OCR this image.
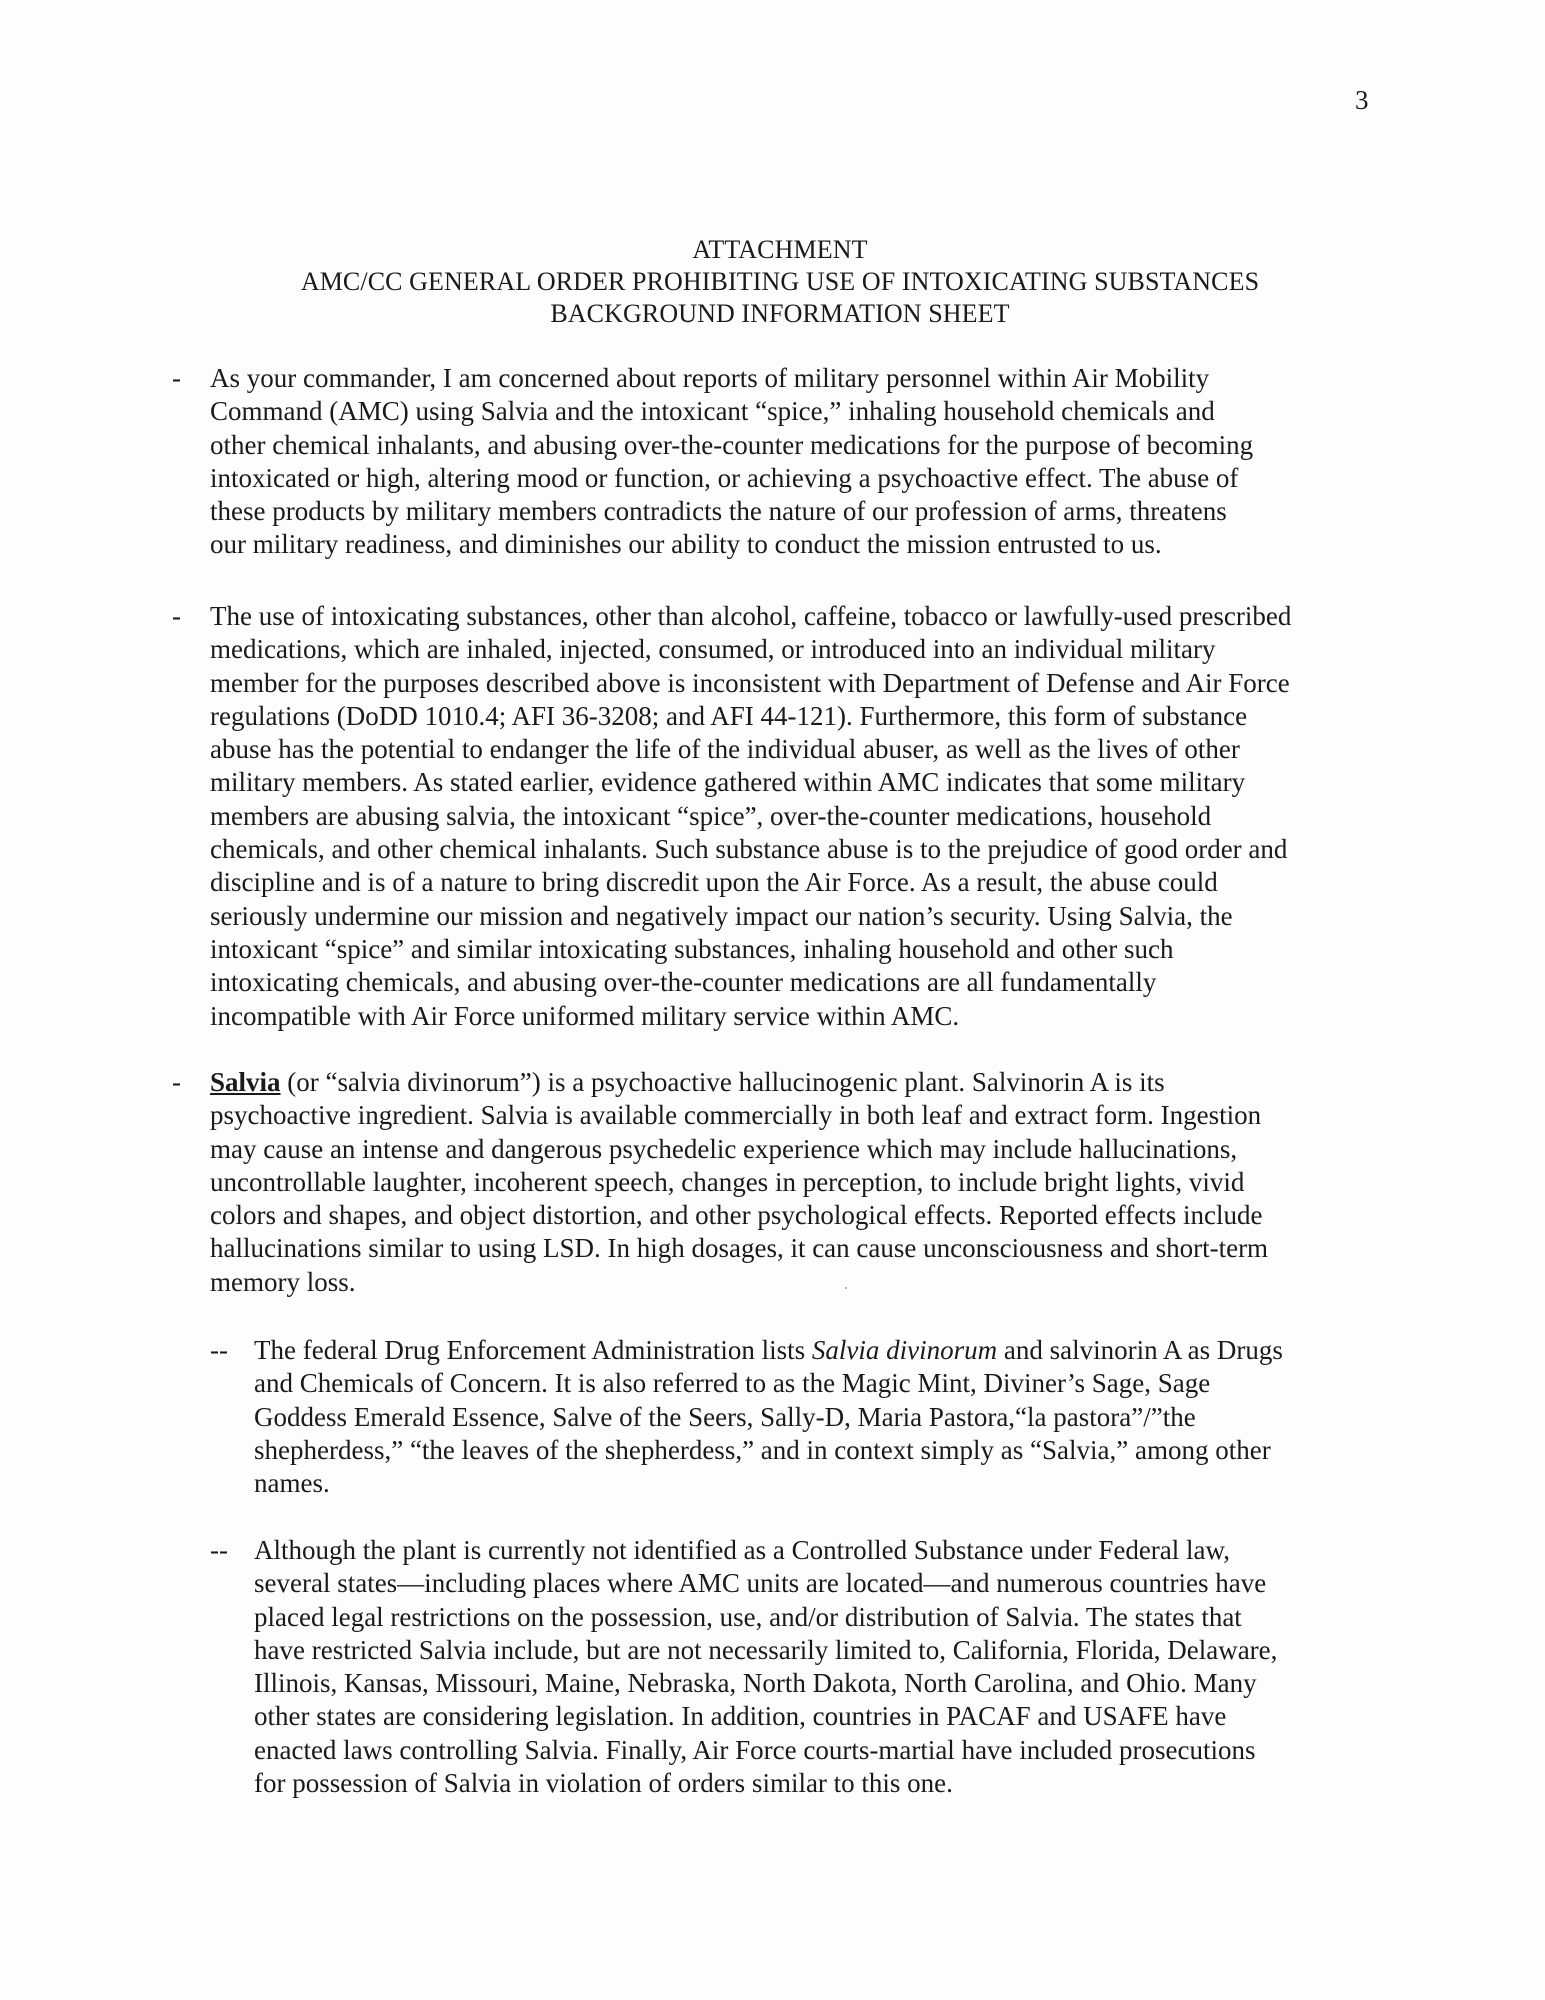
3
ATTACHMENT
AMC/CC GENERAL ORDER PROHIBITING USE OF INTOXICATING SUBSTANCES
BACKGROUND INFORMATION SHEET
- As your commander, I am concerned about reports of military personnel within Air Mobility
Command (AMC) using Salvia and the intoxicant “spice,” inhaling household chemicals and
other chemical inhalants, and abusing over-the-counter medications for the purpose of becoming
intoxicated or high, altering mood or function, or achieving a psychoactive effect. The abuse of
these products by military members contradicts the nature of our profession of arms, threatens
our military readiness, and diminishes our ability to conduct the mission entrusted to us.
- The use of intoxicating substances, other than alcohol, caffeine, tobacco or lawfully-used prescribed
medications, which are inhaled, injected, consumed, or introduced into an individual military
member for the purposes described above is inconsistent with Department of Defense and Air Force
regulations (DoDD 1010.4; AFI 36-3208; and AFI 44-121). Furthermore, this form of substance
abuse has the potential to endanger the life of the individual abuser, as well as the lives of other
military members. As stated earlier, evidence gathered within AMC indicates that some military
members are abusing salvia, the intoxicant “spice”, over-the-counter medications, household
chemicals, and other chemical inhalants. Such substance abuse is to the prejudice of good order and
discipline and is of a nature to bring discredit upon the Air Force. As a result, the abuse could
seriously undermine our mission and negatively impact our nation’s security. Using Salvia, the
intoxicant “spice” and similar intoxicating substances, inhaling household and other such
intoxicating chemicals, and abusing over-the-counter medications are all fundamentally
incompatible with Air Force uniformed military service within AMC.
- Salvia (or “salvia divinorum”) is a psychoactive hallucinogenic plant. Salvinorin A is its
psychoactive ingredient. Salvia is available commercially in both leaf and extract form. Ingestion
may cause an intense and dangerous psychedelic experience which may include hallucinations,
uncontrollable laughter, incoherent speech, changes in perception, to include bright lights, vivid
colors and shapes, and object distortion, and other psychological effects. Reported effects include
hallucinations similar to using LSD. In high dosages, it can cause unconsciousness and short-term
memory loss.
-- The federal Drug Enforcement Administration lists Salvia divinorum and salvinorin A as Drugs
and Chemicals of Concern. It is also referred to as the Magic Mint, Diviner’s Sage, Sage
Goddess Emerald Essence, Salve of the Seers, Sally-D, Maria Pastora,“la pastora”/”the
shepherdess,” “the leaves of the shepherdess,” and in context simply as “Salvia,” among other
names.
-- Although the plant is currently not identified as a Controlled Substance under Federal law,
several states—including places where AMC units are located—and numerous countries have
placed legal restrictions on the possession, use, and/or distribution of Salvia. The states that
have restricted Salvia include, but are not necessarily limited to, California, Florida, Delaware,
Illinois, Kansas, Missouri, Maine, Nebraska, North Dakota, North Carolina, and Ohio. Many
other states are considering legislation. In addition, countries in PACAF and USAFE have
enacted laws controlling Salvia. Finally, Air Force courts-martial have included prosecutions
for possession of Salvia in violation of orders similar to this one.
